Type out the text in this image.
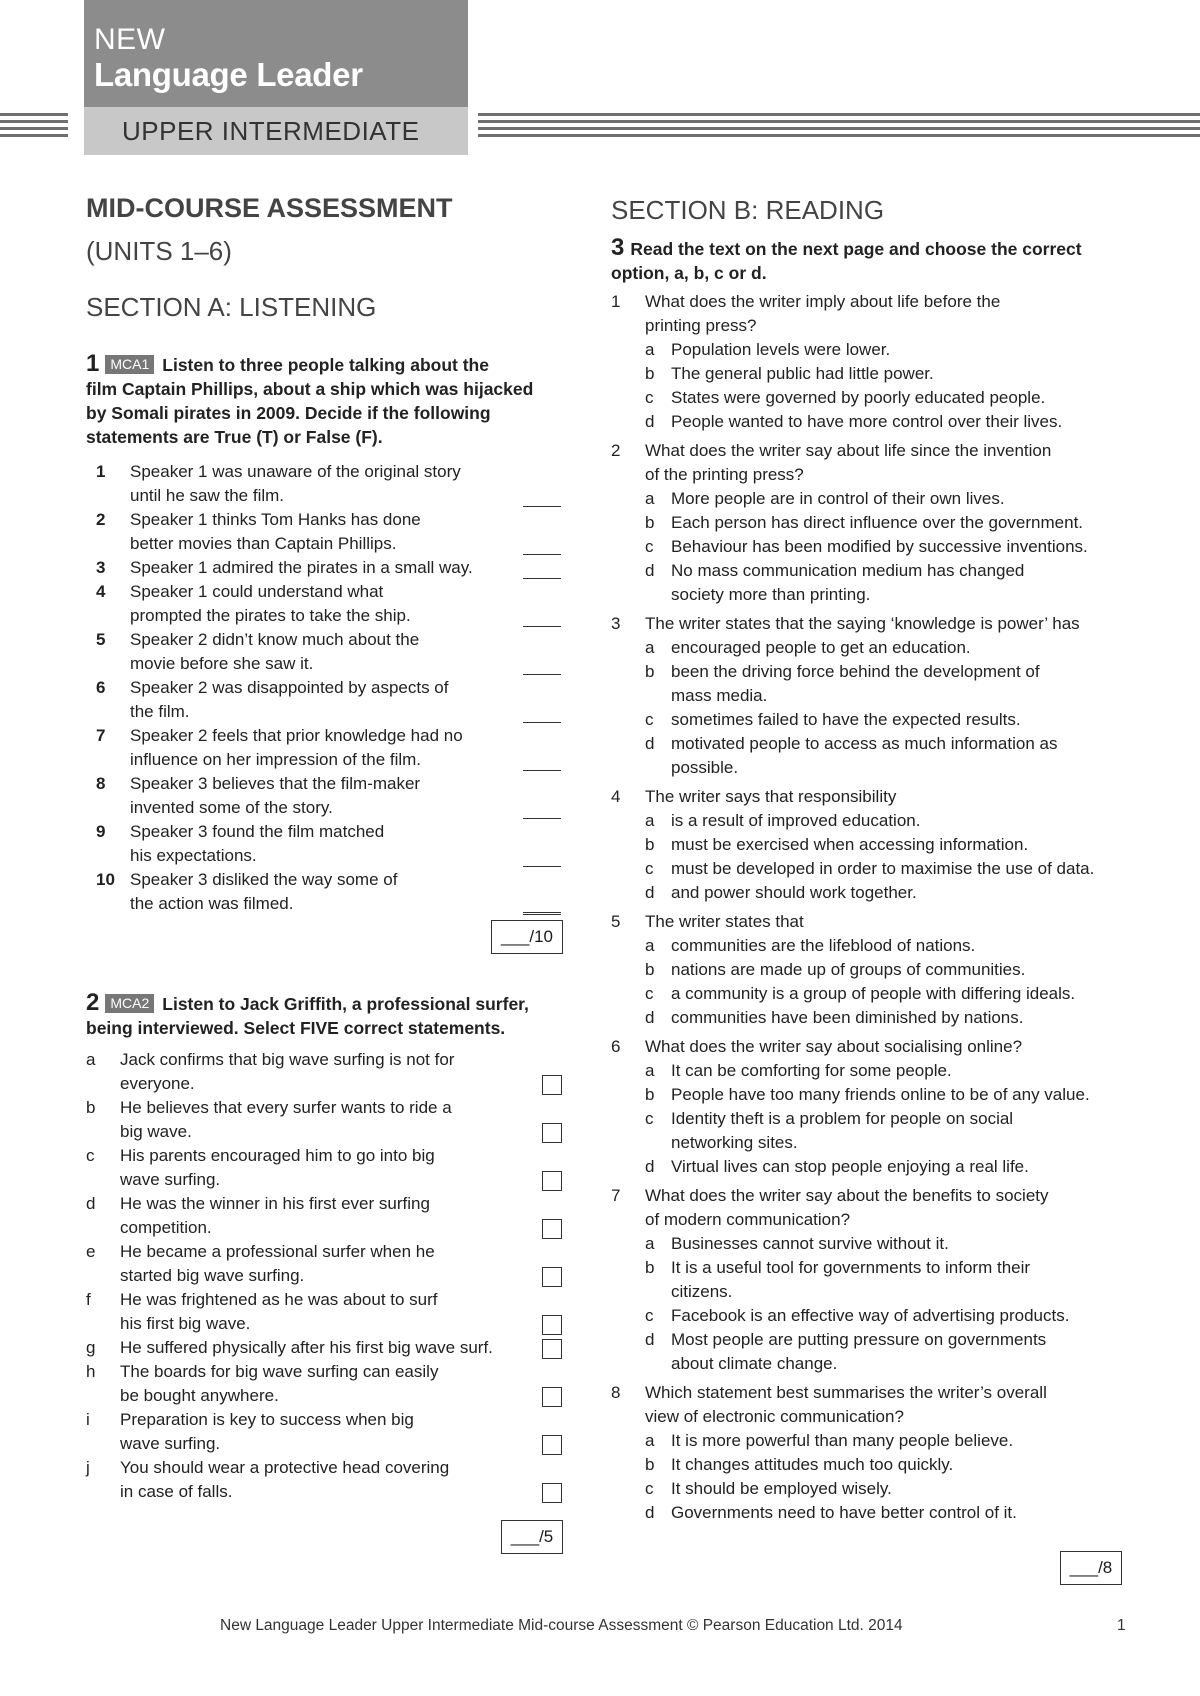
NEW
Language Leader
UPPER INTERMEDIATE
MID-COURSE ASSESSMENT
(UNITS 1–6)
SECTION A: LISTENING
1 MCA1 Listen to three people talking about the
film Captain Phillips, about a ship which was hijacked
by Somali pirates in 2009. Decide if the following
statements are True (T) or False (F).
1 Speaker 1 was unaware of the original story
until he saw the film.
2 Speaker 1 thinks Tom Hanks has done
better movies than Captain Phillips.
3 Speaker 1 admired the pirates in a small way.
4 Speaker 1 could understand what
prompted the pirates to take the ship.
5 Speaker 2 didn’t know much about the
movie before she saw it.
6 Speaker 2 was disappointed by aspects of
the film.
7 Speaker 2 feels that prior knowledge had no
influence on her impression of the film.
8 Speaker 3 believes that the film-maker
invented some of the story.
9 Speaker 3 found the film matched
his expectations.
10 Speaker 3 disliked the way some of
the action was filmed.
___/10
2 MCA2 Listen to Jack Griffith, a professional surfer,
being interviewed. Select FIVE correct statements.
a Jack confirms that big wave surfing is not for
everyone.
b He believes that every surfer wants to ride a
big wave.
c His parents encouraged him to go into big
wave surfing.
d He was the winner in his first ever surfing
competition.
e He became a professional surfer when he
started big wave surfing.
f He was frightened as he was about to surf
his first big wave.
g He suffered physically after his first big wave surf.
h The boards for big wave surfing can easily
be bought anywhere.
i Preparation is key to success when big
wave surfing.
j You should wear a protective head covering
in case of falls.
___/5
SECTION B: READING
3 Read the text on the next page and choose the correct
option, a, b, c or d.
1 What does the writer imply about life before the
printing press?
a Population levels were lower.
b The general public had little power.
c States were governed by poorly educated people.
d People wanted to have more control over their lives.
2 What does the writer say about life since the invention
of the printing press?
a More people are in control of their own lives.
b Each person has direct influence over the government.
c Behaviour has been modified by successive inventions.
d No mass communication medium has changed
society more than printing.
3 The writer states that the saying ‘knowledge is power’ has
a encouraged people to get an education.
b been the driving force behind the development of
mass media.
c sometimes failed to have the expected results.
d motivated people to access as much information as
possible.
4 The writer says that responsibility
a is a result of improved education.
b must be exercised when accessing information.
c must be developed in order to maximise the use of data.
d and power should work together.
5 The writer states that
a communities are the lifeblood of nations.
b nations are made up of groups of communities.
c a community is a group of people with differing ideals.
d communities have been diminished by nations.
6 What does the writer say about socialising online?
a It can be comforting for some people.
b People have too many friends online to be of any value.
c Identity theft is a problem for people on social
networking sites.
d Virtual lives can stop people enjoying a real life.
7 What does the writer say about the benefits to society
of modern communication?
a Businesses cannot survive without it.
b It is a useful tool for governments to inform their
citizens.
c Facebook is an effective way of advertising products.
d Most people are putting pressure on governments
about climate change.
8 Which statement best summarises the writer’s overall
view of electronic communication?
a It is more powerful than many people believe.
b It changes attitudes much too quickly.
c It should be employed wisely.
d Governments need to have better control of it.
___/8
New Language Leader Upper Intermediate Mid-course Assessment © Pearson Education Ltd. 2014	1
